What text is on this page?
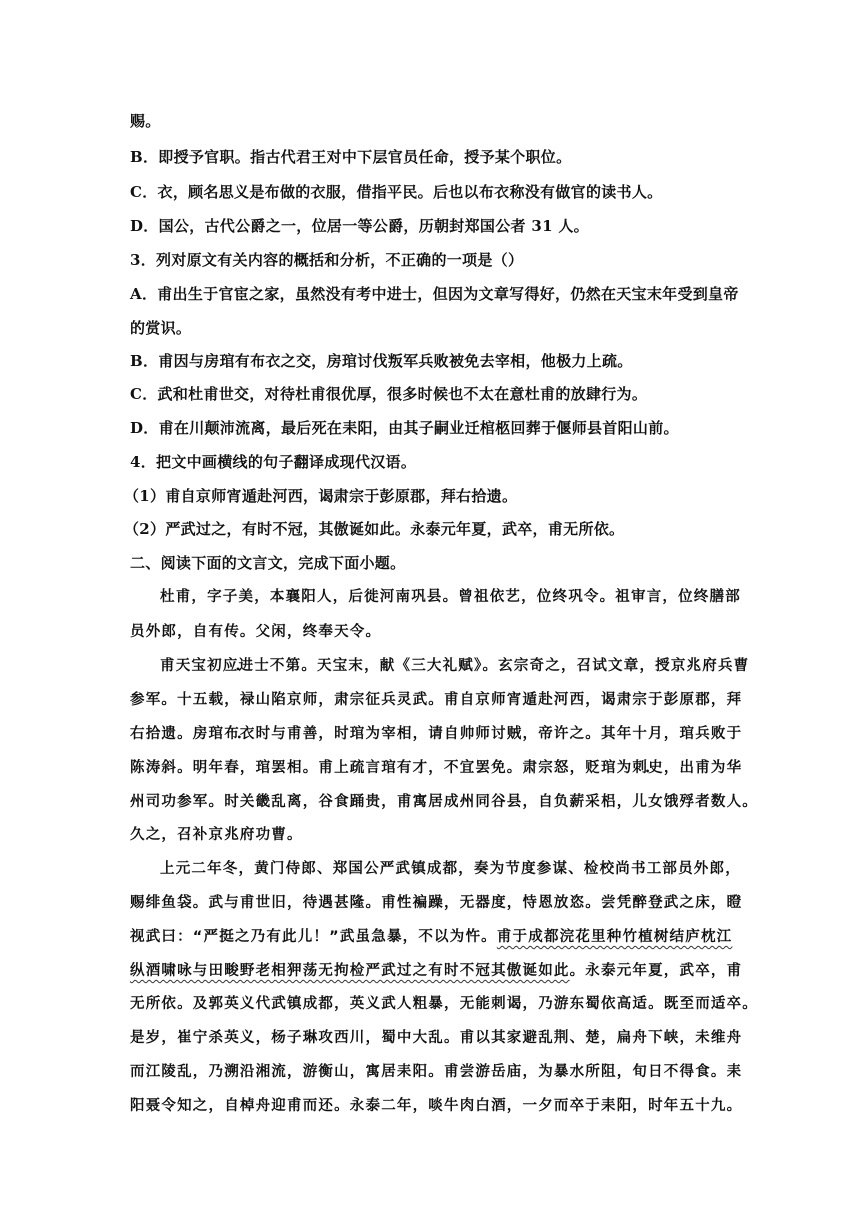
赐。
B．即授予官职。指古代君王对中下层官员任命，授予某个职位。
C．衣，顾名思义是布做的衣服，借指平民。后也以布衣称没有做官的读书人。
D．国公，古代公爵之一，位居一等公爵，历朝封郑国公者 31 人。
3．列对原文有关内容的概括和分析，不正确的一项是（）
A．甫出生于官宦之家，虽然没有考中进士，但因为文章写得好，仍然在天宝末年受到皇帝
的赏识。
B．甫因与房琯有布衣之交，房琯讨伐叛军兵败被免去宰相，他极力上疏。
C．武和杜甫世交，对待杜甫很优厚，很多时候也不太在意杜甫的放肆行为。
D．甫在川颠沛流离，最后死在耒阳，由其子嗣业迁棺柩回葬于偃师县首阳山前。
4．把文中画横线的句子翻译成现代汉语。
（1）甫自京师宵遁赴河西，谒肃宗于彭原郡，拜右拾遗。
（2）严武过之，有时不冠，其傲诞如此。永泰元年夏，武卒，甫无所依。
二、阅读下面的文言文，完成下面小题。
杜甫，字子美，本襄阳人，后徙河南巩县。曾祖依艺，位终巩令。祖审言，位终膳部
员外郎，自有传。父闲，终奉天令。
甫天宝初应进士不第 •。天宝末，献《三大礼赋》。玄宗奇之，召试文章，授京兆府兵曹
参军。十五载，禄山陷京师，肃宗征兵灵武。甫自京师宵遁赴河西，谒肃宗于彭原郡，拜
右拾遗。房琯布衣时与甫善，时琯为宰相，请自帅师讨贼，帝许之。其年十月，琯兵败于
陈涛斜。明年春，琯罢相。甫上疏言琯有才，不宜罢免。肃宗怒，贬琯为刺史，出甫为华
州司功参军。时关畿乱离，谷食踊贵，甫寓居成州同谷县，自负薪采梠，儿女饿殍者数人。
久之，召补京兆府功曹。
上元二年冬，黄门侍郎、郑国公严武镇成都，奏为节度参谋、检校尚书工部员外郎，
赐绯鱼袋。武与甫世旧，待遇甚隆。甫性褊躁，无器度，恃恩放恣。尝凭醉登武之床，瞪
视武曰：“严挺之乃有此儿！”武虽急暴，不以为忤。甫于成都浣花里种竹植树结庐枕江
纵酒啸咏与田畯野老相狎荡无拘检严武过之有时不冠其傲诞如此。永泰元年夏，武卒，甫
无所依。及郭英义代武镇成都，英义武人粗暴，无能刺谒，乃游东蜀依高适。既至而适卒。
是岁，崔宁杀英义，杨子琳攻西川，蜀中大乱。甫以其家避乱荆、楚，扁舟下峡，未维舟
而江陵乱，乃溯沿湘流，游衡山，寓居耒阳。甫尝游岳庙，为暴水所阻，旬日不得食。耒
阳聂令知之，自棹舟迎甫而还。永泰二年，啖牛肉白酒，一夕而卒于耒阳，时年五十九。
